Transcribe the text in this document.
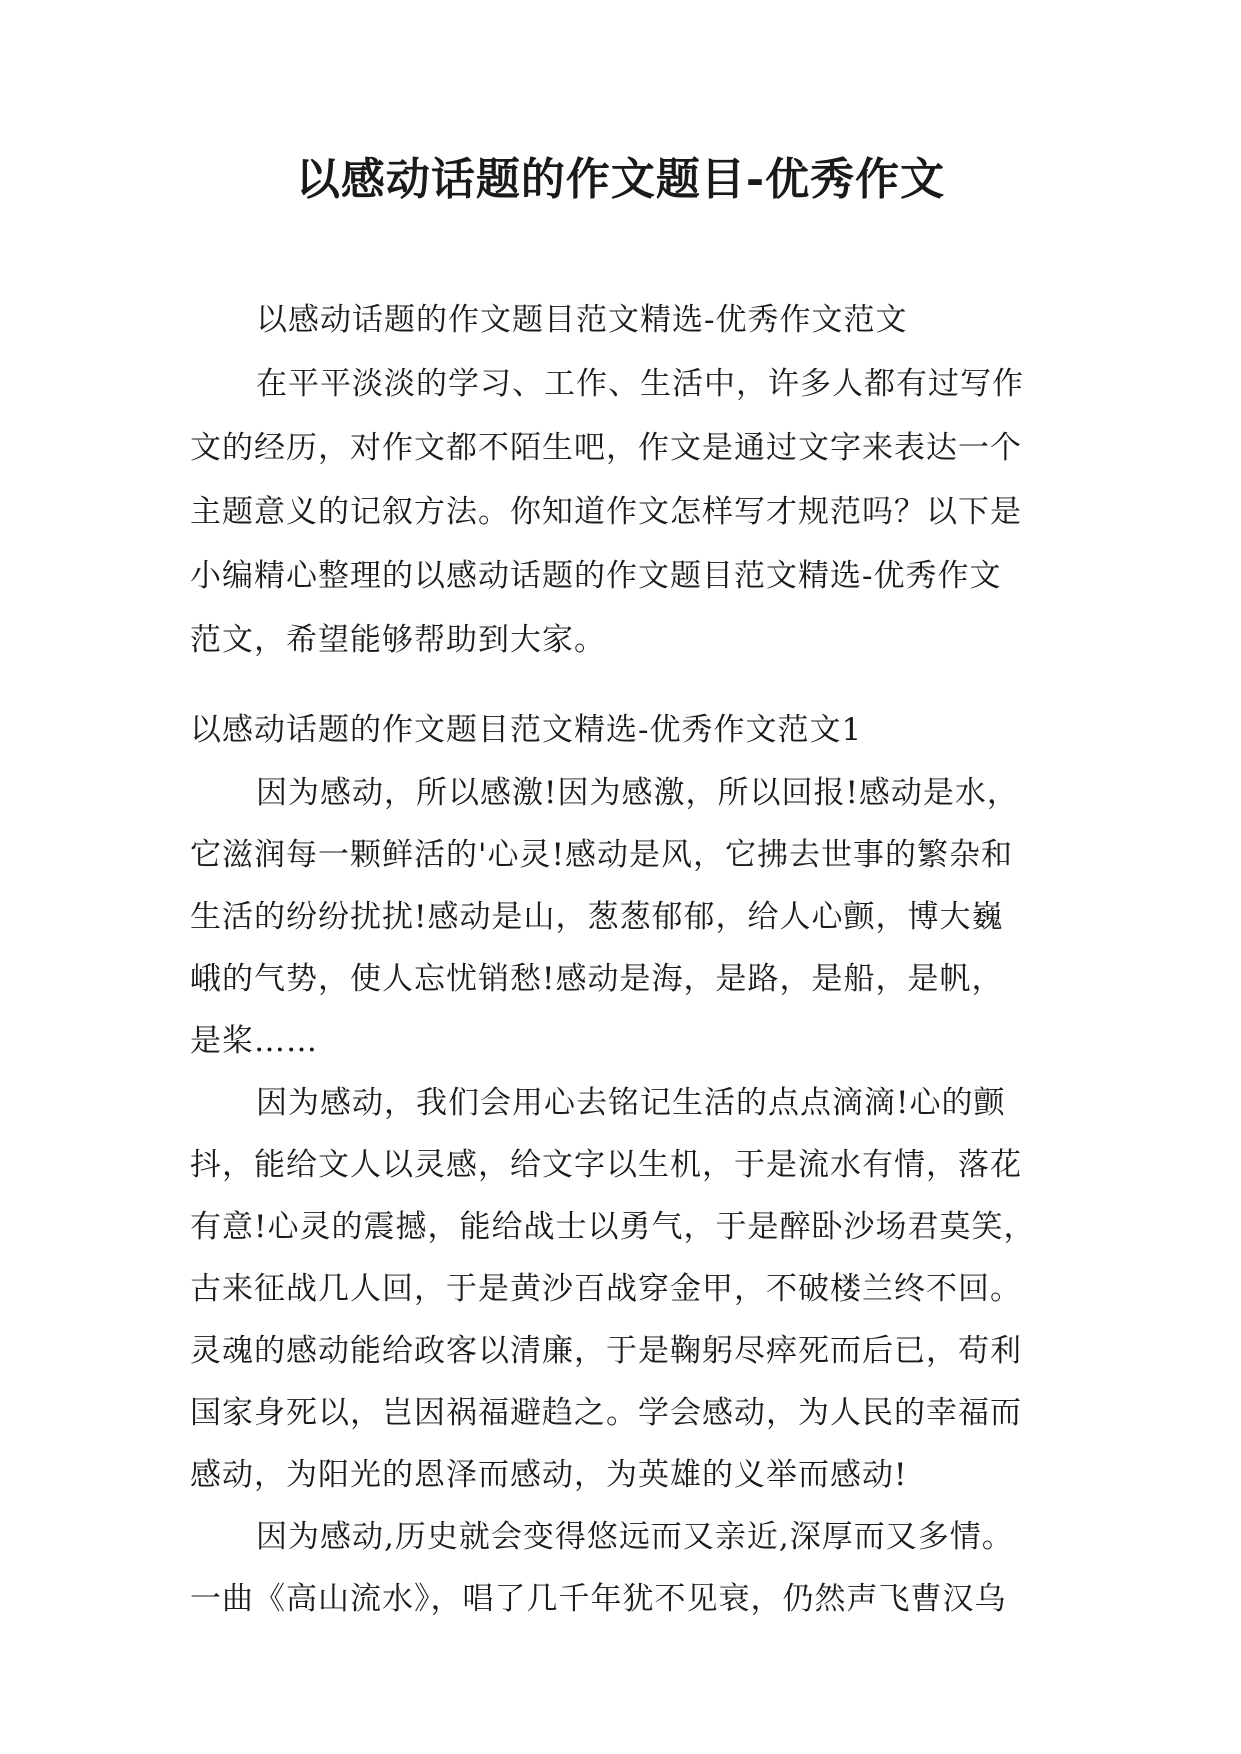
以感动话题的作文题目-优秀作文
以感动话题的作文题目范文精选-优秀作文范文
在平平淡淡的学习、工作、生活中，许多人都有过写作
文的经历，对作文都不陌生吧，作文是通过文字来表达一个
主题意义的记叙方法。你知道作文怎样写才规范吗？以下是
小编精心整理的以感动话题的作文题目范文精选-优秀作文
范文，希望能够帮助到大家。
以感动话题的作文题目范文精选-优秀作文范文1
因为感动，所以感激!因为感激，所以回报!感动是水，
它滋润每一颗鲜活的'心灵!感动是风，它拂去世事的繁杂和
生活的纷纷扰扰!感动是山，葱葱郁郁，给人心颤，博大巍
峨的气势，使人忘忧销愁!感动是海，是路，是船，是帆，
是桨……
因为感动，我们会用心去铭记生活的点点滴滴!心的颤
抖，能给文人以灵感，给文字以生机，于是流水有情，落花
有意!心灵的震撼，能给战士以勇气，于是醉卧沙场君莫笑，
古来征战几人回，于是黄沙百战穿金甲，不破楼兰终不回。
灵魂的感动能给政客以清廉，于是鞠躬尽瘁死而后已，苟利
国家身死以，岂因祸福避趋之。学会感动，为人民的幸福而
感动，为阳光的恩泽而感动，为英雄的义举而感动!
因为感动,历史就会变得悠远而又亲近,深厚而又多情。
一曲《高山流水》，唱了几千年犹不见衰，仍然声飞曹汉乌
